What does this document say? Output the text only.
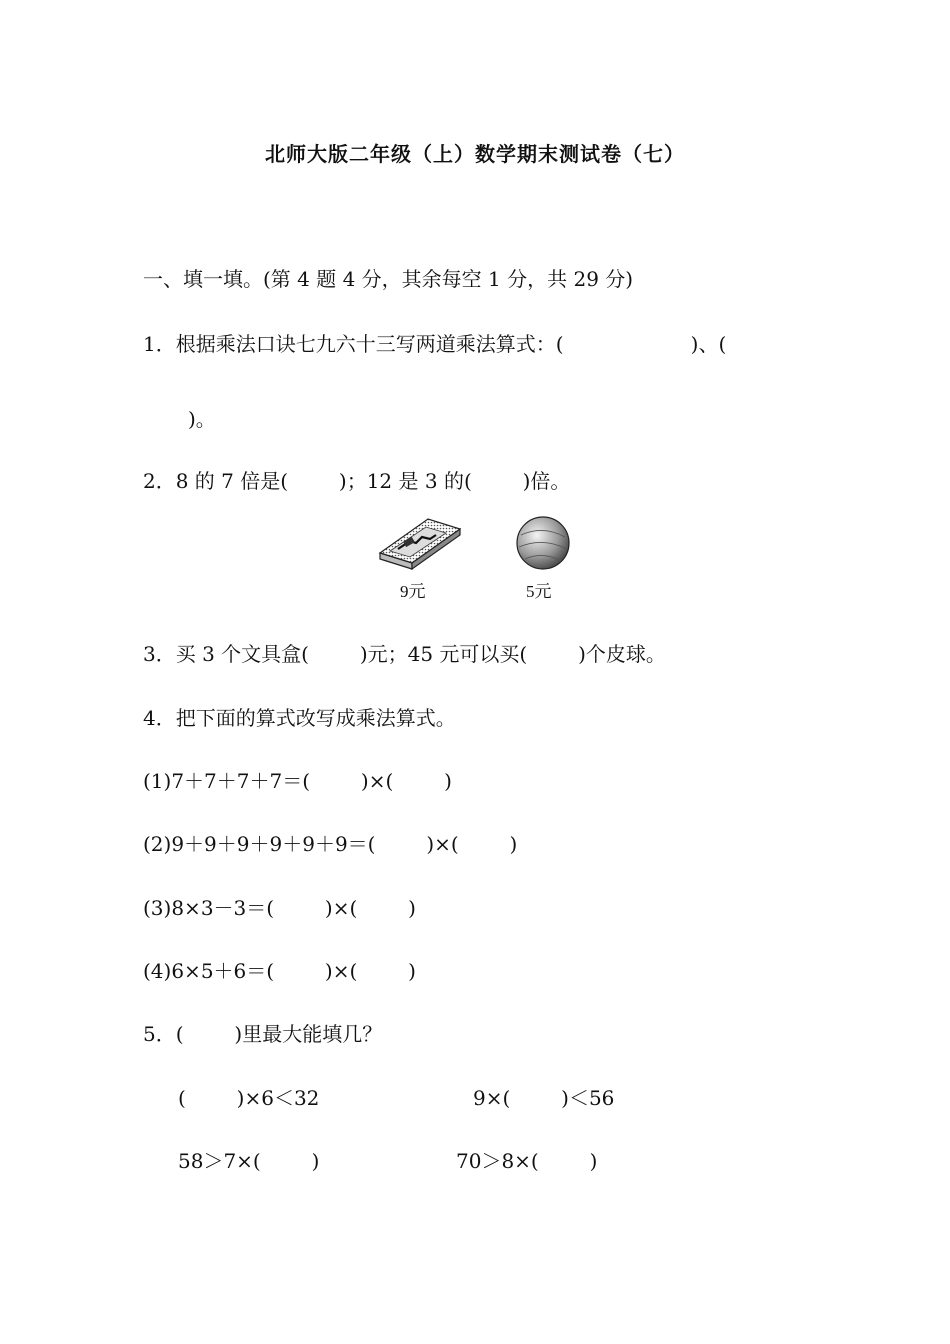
北师大版二年级（上）数学期末测试卷（七）
一、填一填。(第 4 题 4 分，其余每空 1 分，共 29 分)
1．根据乘法口诀七九六十三写两道乘法算式：(                    )、(
)。
2．8 的 7 倍是(        )；12 是 3 的(        )倍。
9元	5元
3．买 3 个文具盒(        )元；45 元可以买(        )个皮球。
4．把下面的算式改写成乘法算式。
(1)7＋7＋7＋7＝(        )×(        )
(2)9＋9＋9＋9＋9＋9＝(        )×(        )
(3)8×3－3＝(        )×(        )
(4)6×5＋6＝(        )×(        )
5．(        )里最大能填几？
(        )×6＜32	9×(        )＜56
58＞7×(        )	70＞8×(        )
